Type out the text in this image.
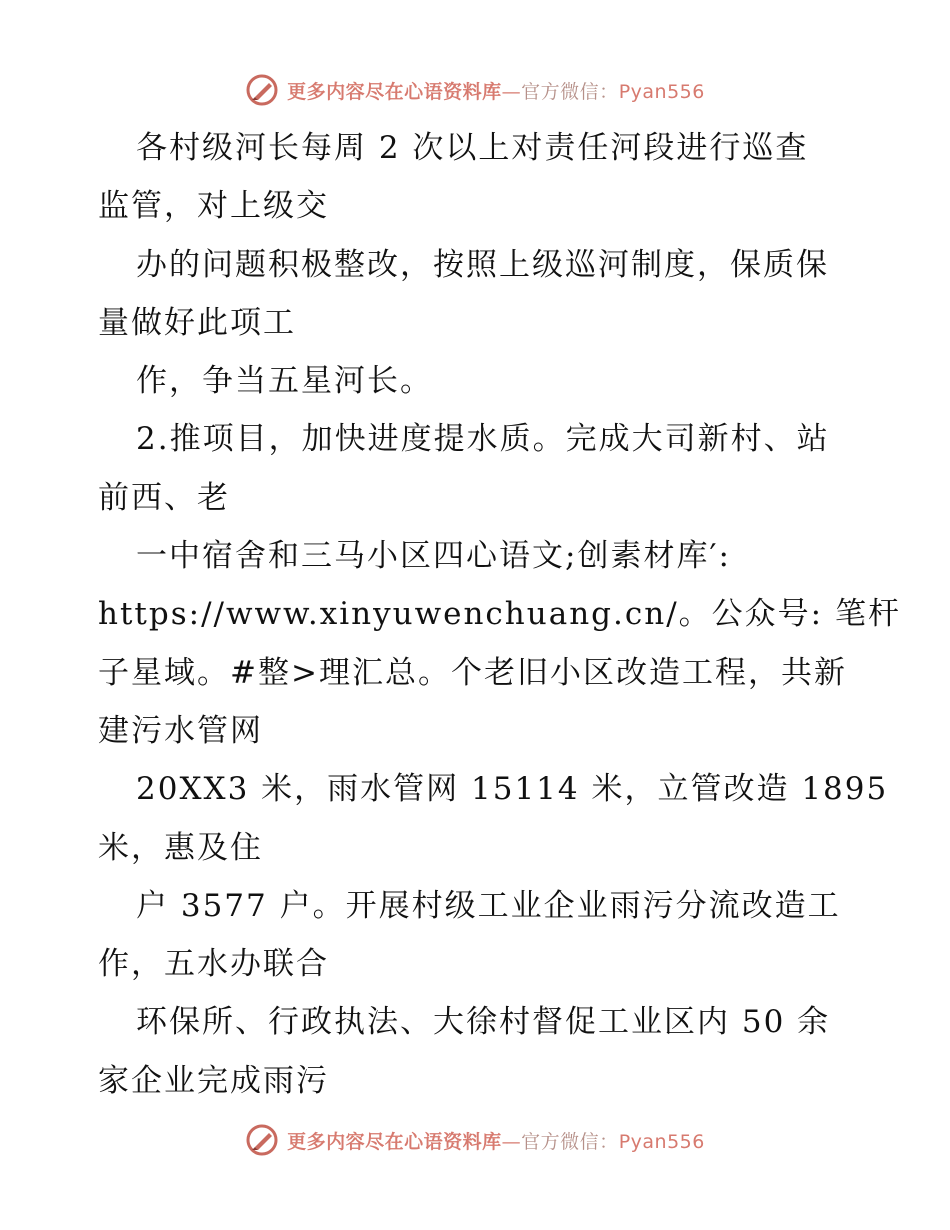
更多内容尽在心语资料库—官方微信：Pyan556
各村级河长每周 2 次以上对责任河段进行巡查
监管，对上级交
办的问题积极整改，按照上级巡河制度，保质保
量做好此项工
作，争当五星河长。
2.推项目，加快进度提水质。完成大司新村、站
前西、老
一中宿舍和三马小区四心语文;创素材库′:
https://www.xinyuwenchuang.cn/。公众号: 笔杆
子星域。#整>理汇总。个老旧小区改造工程，共新
建污水管网
20XX3 米，雨水管网 15114 米，立管改造 1895
米，惠及住
户 3577 户。开展村级工业企业雨污分流改造工
作，五水办联合
环保所、行政执法、大徐村督促工业区内 50 余
家企业完成雨污
更多内容尽在心语资料库—官方微信：Pyan556
